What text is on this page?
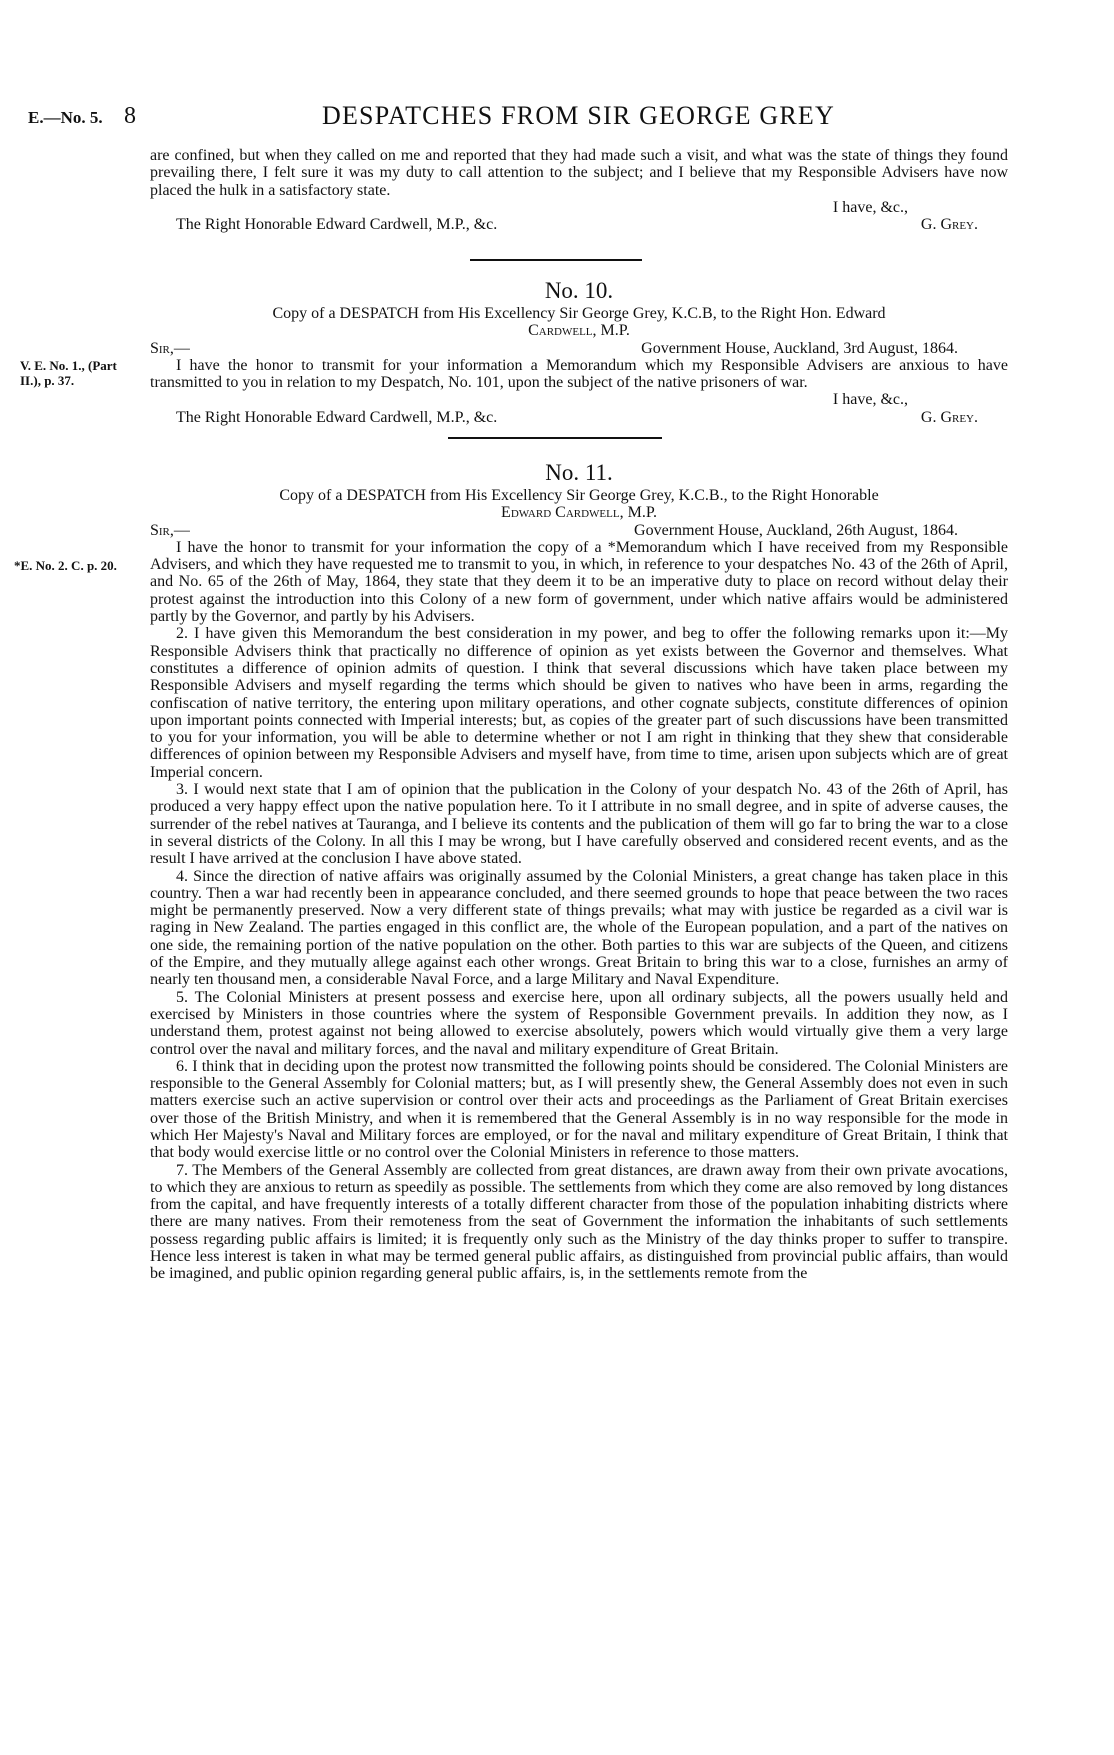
E.—No. 5. 8	DESPATCHES FROM SIR GEORGE GREY

are confined, but when they called on me and reported that they had made such a visit, and what was the state of things they found prevailing there, I felt sure it was my duty to call attention to the subject; and I believe that my Responsible Advisers have now placed the hulk in a satisfactory state.

I have, &c.,

The Right Honorable Edward Cardwell, M.P., &c.	G. Grey.
No. 10.

Copy of a DESPATCH from His Excellency Sir George Grey, K.C.B, to the Right Hon. Edward

Cardwell, M.P.

Sir,—	Government House, Auckland, 3rd August, 1864.

I have the honor to transmit for your information a Memorandum which my Responsible Advisers are anxious to have transmitted to you in relation to my Despatch, No. 101, upon the subject of the native prisoners of war.

I have, &c.,

The Right Honorable Edward Cardwell, M.P., &c.	G. Grey.
V. E. No. 1., (Part II.), p. 37.
No. 11.

Copy of a DESPATCH from His Excellency Sir George Grey, K.C.B., to the Right Honorable

Edward Cardwell, M.P.

Sir,—	Government House, Auckland, 26th August, 1864.

I have the honor to transmit for your information the copy of a *Memorandum which I have received from my Responsible Advisers, and which they have requested me to transmit to you, in which, in reference to your despatches No. 43 of the 26th of April, and No. 65 of the 26th of May, 1864, they state that they deem it to be an imperative duty to place on record without delay their protest against the introduction into this Colony of a new form of government, under which native affairs would be administered partly by the Governor, and partly by his Advisers.

2. I have given this Memorandum the best consideration in my power, and beg to offer the following remarks upon it:—My Responsible Advisers think that practically no difference of opinion as yet exists between the Governor and themselves. What constitutes a difference of opinion admits of question. I think that several discussions which have taken place between my Responsible Advisers and myself regarding the terms which should be given to natives who have been in arms, regarding the confiscation of native territory, the entering upon military operations, and other cognate subjects, constitute differences of opinion upon important points connected with Imperial interests; but, as copies of the greater part of such discussions have been transmitted to you for your information, you will be able to determine whether or not I am right in thinking that they shew that considerable differences of opinion between my Responsible Advisers and myself have, from time to time, arisen upon subjects which are of great Imperial concern.

3. I would next state that I am of opinion that the publication in the Colony of your despatch No. 43 of the 26th of April, has produced a very happy effect upon the native population here. To it I attribute in no small degree, and in spite of adverse causes, the surrender of the rebel natives at Tauranga, and I believe its contents and the publication of them will go far to bring the war to a close in several districts of the Colony. In all this I may be wrong, but I have carefully observed and considered recent events, and as the result I have arrived at the conclusion I have above stated.

4. Since the direction of native affairs was originally assumed by the Colonial Ministers, a great change has taken place in this country. Then a war had recently been in appearance concluded, and there seemed grounds to hope that peace between the two races might be permanently preserved. Now a very different state of things prevails; what may with justice be regarded as a civil war is raging in New Zealand. The parties engaged in this conflict are, the whole of the European population, and a part of the natives on one side, the remaining portion of the native population on the other. Both parties to this war are subjects of the Queen, and citizens of the Empire, and they mutually allege against each other wrongs. Great Britain to bring this war to a close, furnishes an army of nearly ten thousand men, a considerable Naval Force, and a large Military and Naval Expenditure.

5. The Colonial Ministers at present possess and exercise here, upon all ordinary subjects, all the powers usually held and exercised by Ministers in those countries where the system of Responsible Government prevails. In addition they now, as I understand them, protest against not being allowed to exercise absolutely, powers which would virtually give them a very large control over the naval and military forces, and the naval and military expenditure of Great Britain.

6. I think that in deciding upon the protest now transmitted the following points should be considered. The Colonial Ministers are responsible to the General Assembly for Colonial matters; but, as I will presently shew, the General Assembly does not even in such matters exercise such an active supervision or control over their acts and proceedings as the Parliament of Great Britain exercises over those of the British Ministry, and when it is remembered that the General Assembly is in no way responsible for the mode in which Her Majesty's Naval and Military forces are employed, or for the naval and military expenditure of Great Britain, I think that that body would exercise little or no control over the Colonial Ministers in reference to those matters.

7. The Members of the General Assembly are collected from great distances, are drawn away from their own private avocations, to which they are anxious to return as speedily as possible. The settlements from which they come are also removed by long distances from the capital, and have frequently interests of a totally different character from those of the population inhabiting districts where there are many natives. From their remoteness from the seat of Government the information the inhabitants of such settlements possess regarding public affairs is limited; it is frequently only such as the Ministry of the day thinks proper to suffer to transpire. Hence less interest is taken in what may be termed general public affairs, as distinguished from provincial public affairs, than would be imagined, and public opinion regarding general public affairs, is, in the settlements remote from the

*E. No. 2. C. p. 20.
